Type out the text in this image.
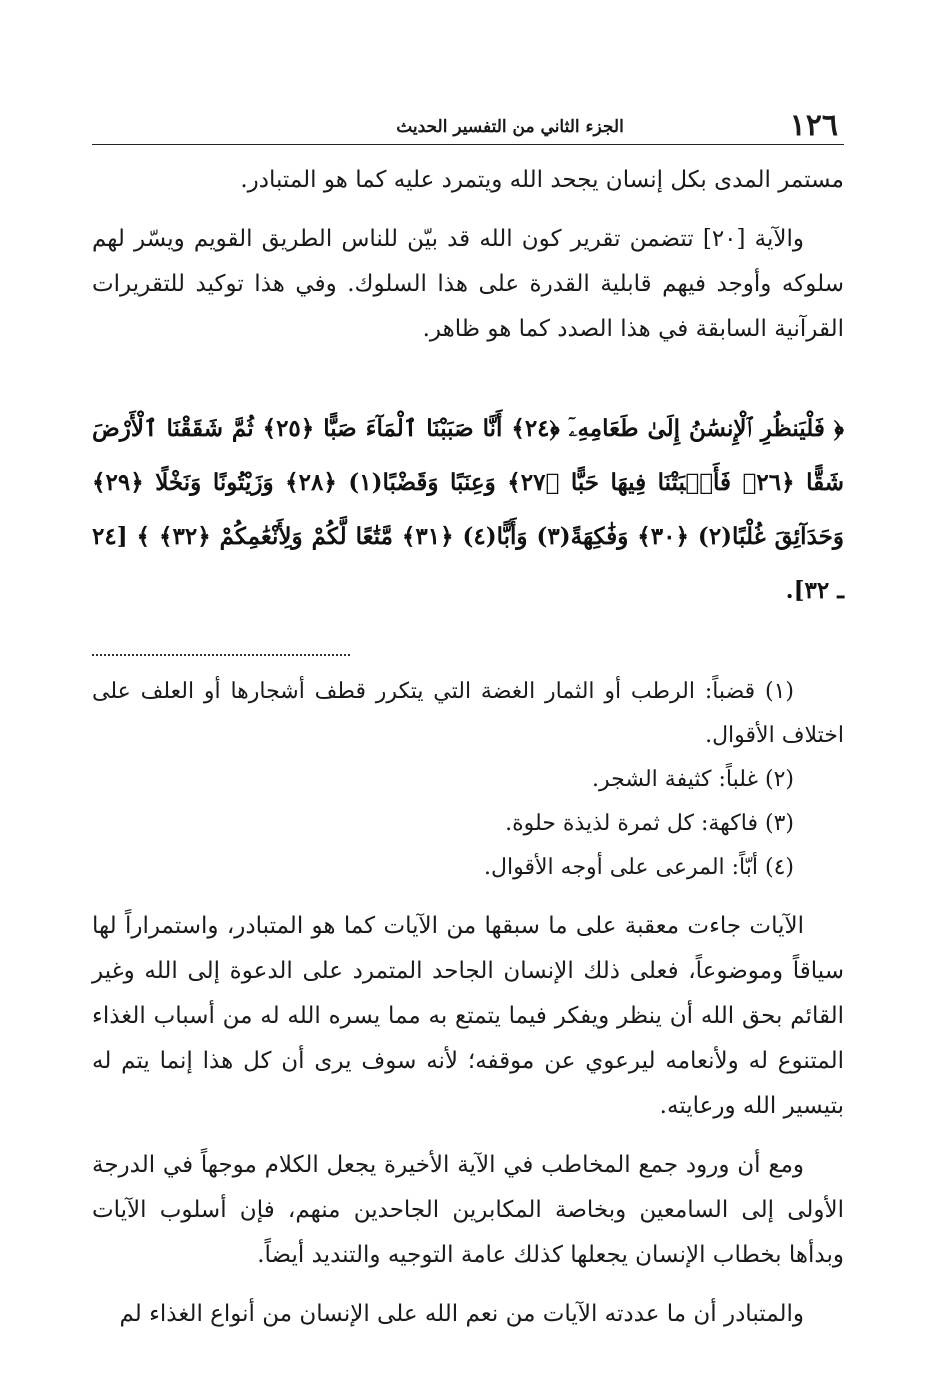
١٢٦
الجزء الثاني من التفسير الحديث

مستمر المدى بكل إنسان يجحد الله ويتمرد عليه كما هو المتبادر.

والآية [٢٠] تتضمن تقرير كون الله قد بيّن للناس الطريق القويم ويسّر لهم سلوكه وأوجد فيهم قابلية القدرة على هذا السلوك. وفي هذا توكيد للتقريرات القرآنية السابقة في هذا الصدد كما هو ظاهر.

﴿ فَلْيَنظُرِ ٱلْإِنسَٰنُ إِلَىٰ طَعَامِهِۦٓ ﴿٢٤﴾ أَنَّا صَبَبْنَا ٱلْمَآءَ صَبًّا ﴿٢٥﴾ ثُمَّ شَقَقْنَا ٱلْأَرْضَ شَقًّا ﴿٢٦﴾ فَأَنۢبَتْنَا فِيهَا حَبًّا ﴿٢٧﴾ وَعِنَبًا وَقَضْبًا(١) ﴿٢٨﴾ وَزَيْتُونًا وَنَخْلًا ﴿٢٩﴾ وَحَدَآئِقَ غُلْبًا(٢) ﴿٣٠﴾ وَفَٰكِهَةً(٣) وَأَبًّا(٤) ﴿٣١﴾ مَّتَٰعًا لَّكُمْ وَلِأَنْعَٰمِكُمْ ﴿٣٢﴾ ﴾ [٢٤ ـ ٣٢].

(١) قضباً: الرطب أو الثمار الغضة التي يتكرر قطف أشجارها أو العلف على اختلاف الأقوال.

(٢) غلباً: كثيفة الشجر.

(٣) فاكهة: كل ثمرة لذيذة حلوة.

(٤) أبّاً: المرعى على أوجه الأقوال.

الآيات جاءت معقبة على ما سبقها من الآيات كما هو المتبادر، واستمراراً لها سياقاً وموضوعاً، فعلى ذلك الإنسان الجاحد المتمرد على الدعوة إلى الله وغير القائم بحق الله أن ينظر ويفكر فيما يتمتع به مما يسره الله له من أسباب الغذاء المتنوع له ولأنعامه ليرعوي عن موقفه؛ لأنه سوف يرى أن كل هذا إنما يتم له بتيسير الله ورعايته.

ومع أن ورود جمع المخاطب في الآية الأخيرة يجعل الكلام موجهاً في الدرجة الأولى إلى السامعين وبخاصة المكابرين الجاحدين منهم، فإن أسلوب الآيات وبدأها بخطاب الإنسان يجعلها كذلك عامة التوجيه والتنديد أيضاً.

والمتبادر أن ما عددته الآيات من نعم الله على الإنسان من أنواع الغذاء لم
